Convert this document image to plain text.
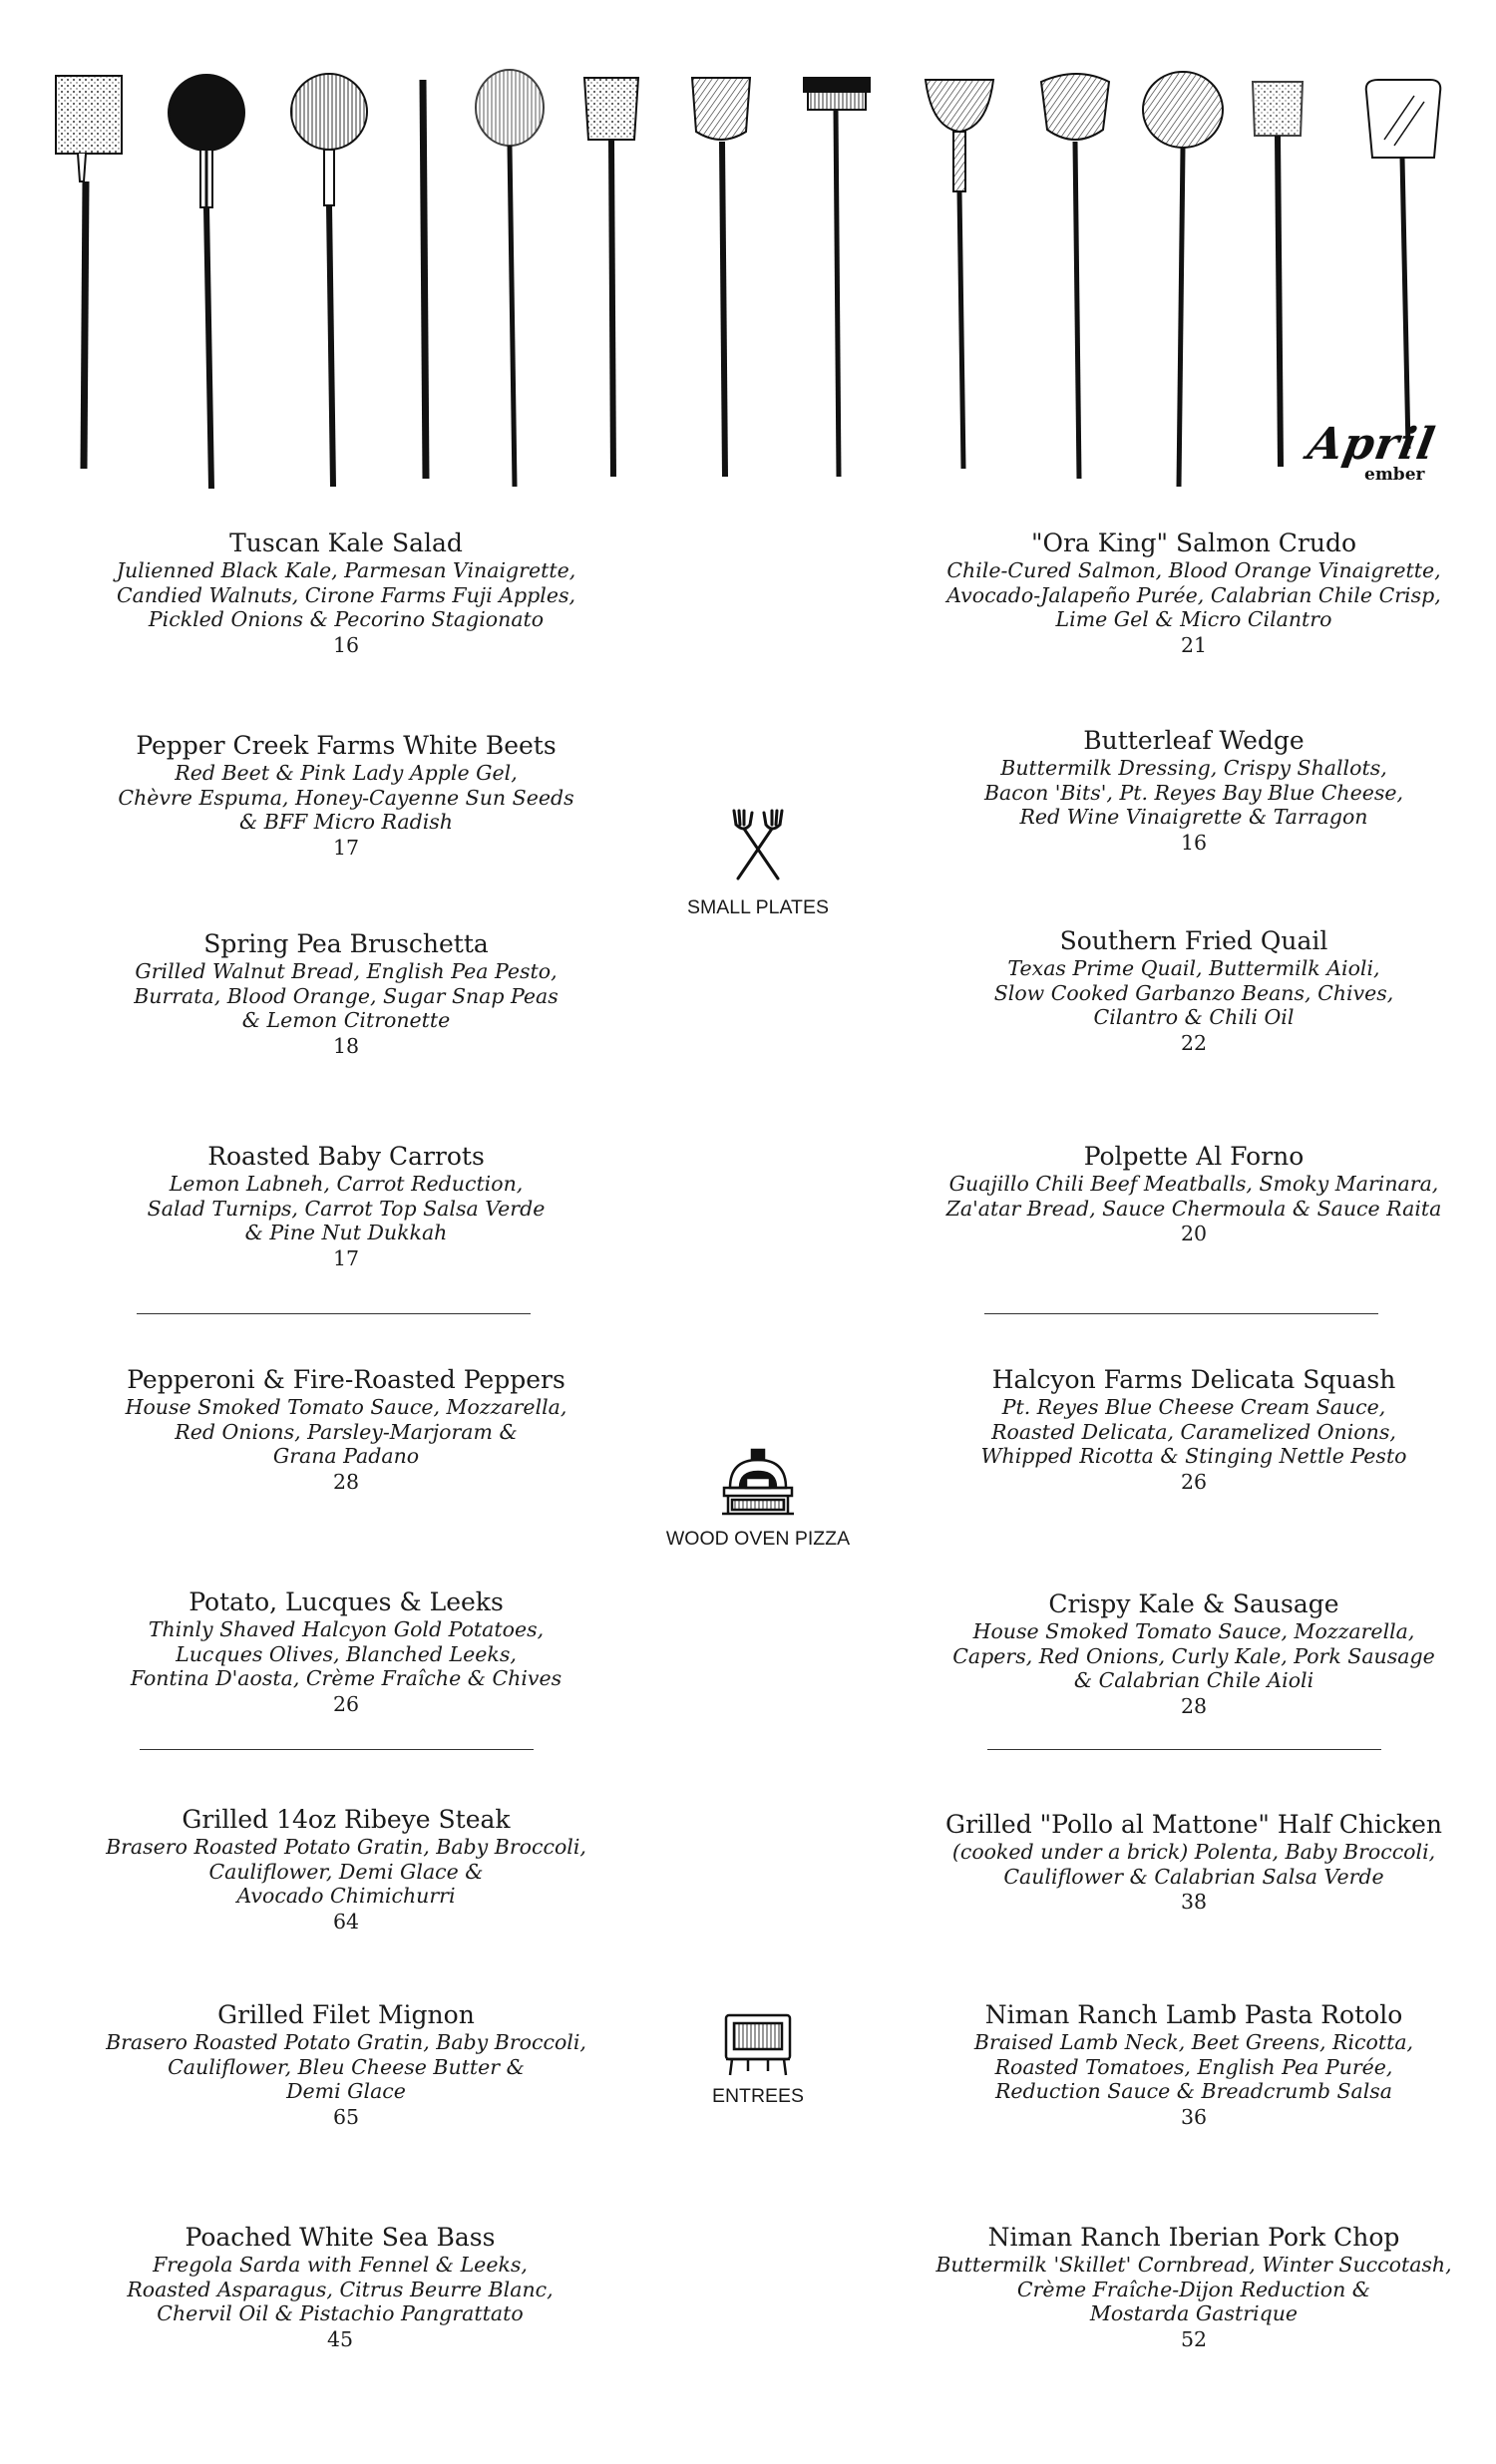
April
ember
Tuscan Kale Salad
Julienned Black Kale, Parmesan Vinaigrette,
Candied Walnuts, Cirone Farms Fuji Apples,
Pickled Onions & Pecorino Stagionato
16
"Ora King" Salmon Crudo
Chile-Cured Salmon, Blood Orange Vinaigrette,
Avocado-Jalapeño Purée, Calabrian Chile Crisp,
Lime Gel & Micro Cilantro
21
Pepper Creek Farms White Beets
Red Beet & Pink Lady Apple Gel,
Chèvre Espuma, Honey-Cayenne Sun Seeds
& BFF Micro Radish
17
Butterleaf Wedge
Buttermilk Dressing, Crispy Shallots,
Bacon 'Bits', Pt. Reyes Bay Blue Cheese,
Red Wine Vinaigrette & Tarragon
16
Spring Pea Bruschetta
Grilled Walnut Bread, English Pea Pesto,
Burrata, Blood Orange, Sugar Snap Peas
& Lemon Citronette
18
Southern Fried Quail
Texas Prime Quail, Buttermilk Aioli,
Slow Cooked Garbanzo Beans, Chives,
Cilantro & Chili Oil
22
Roasted Baby Carrots
Lemon Labneh, Carrot Reduction,
Salad Turnips, Carrot Top Salsa Verde
& Pine Nut Dukkah
17
Polpette Al Forno
Guajillo Chili Beef Meatballs, Smoky Marinara,
Za'atar Bread, Sauce Chermoula & Sauce Raita
20
Pepperoni & Fire-Roasted Peppers
House Smoked Tomato Sauce, Mozzarella,
Red Onions, Parsley-Marjoram &
Grana Padano
28
Halcyon Farms Delicata Squash
Pt. Reyes Blue Cheese Cream Sauce,
Roasted Delicata, Caramelized Onions,
Whipped Ricotta & Stinging Nettle Pesto
26
Potato, Lucques & Leeks
Thinly Shaved Halcyon Gold Potatoes,
Lucques Olives, Blanched Leeks,
Fontina D'aosta, Crème Fraîche & Chives
26
Crispy Kale & Sausage
House Smoked Tomato Sauce, Mozzarella,
Capers, Red Onions, Curly Kale, Pork Sausage
& Calabrian Chile Aioli
28
Grilled 14oz Ribeye Steak
Brasero Roasted Potato Gratin, Baby Broccoli,
Cauliflower, Demi Glace &
Avocado Chimichurri
64
Grilled "Pollo al Mattone" Half Chicken
(cooked under a brick) Polenta, Baby Broccoli,
Cauliflower & Calabrian Salsa Verde
38
Grilled Filet Mignon
Brasero Roasted Potato Gratin, Baby Broccoli,
Cauliflower, Bleu Cheese Butter &
Demi Glace
65
Niman Ranch Lamb Pasta Rotolo
Braised Lamb Neck, Beet Greens, Ricotta,
Roasted Tomatoes, English Pea Purée,
Reduction Sauce & Breadcrumb Salsa
36
Poached White Sea Bass
Fregola Sarda with Fennel & Leeks,
Roasted Asparagus, Citrus Beurre Blanc,
Chervil Oil & Pistachio Pangrattato
45
Niman Ranch Iberian Pork Chop
Buttermilk 'Skillet' Cornbread, Winter Succotash,
Crème Fraîche-Dijon Reduction &
Mostarda Gastrique
52
SMALL PLATES
WOOD OVEN PIZZA
ENTREES
